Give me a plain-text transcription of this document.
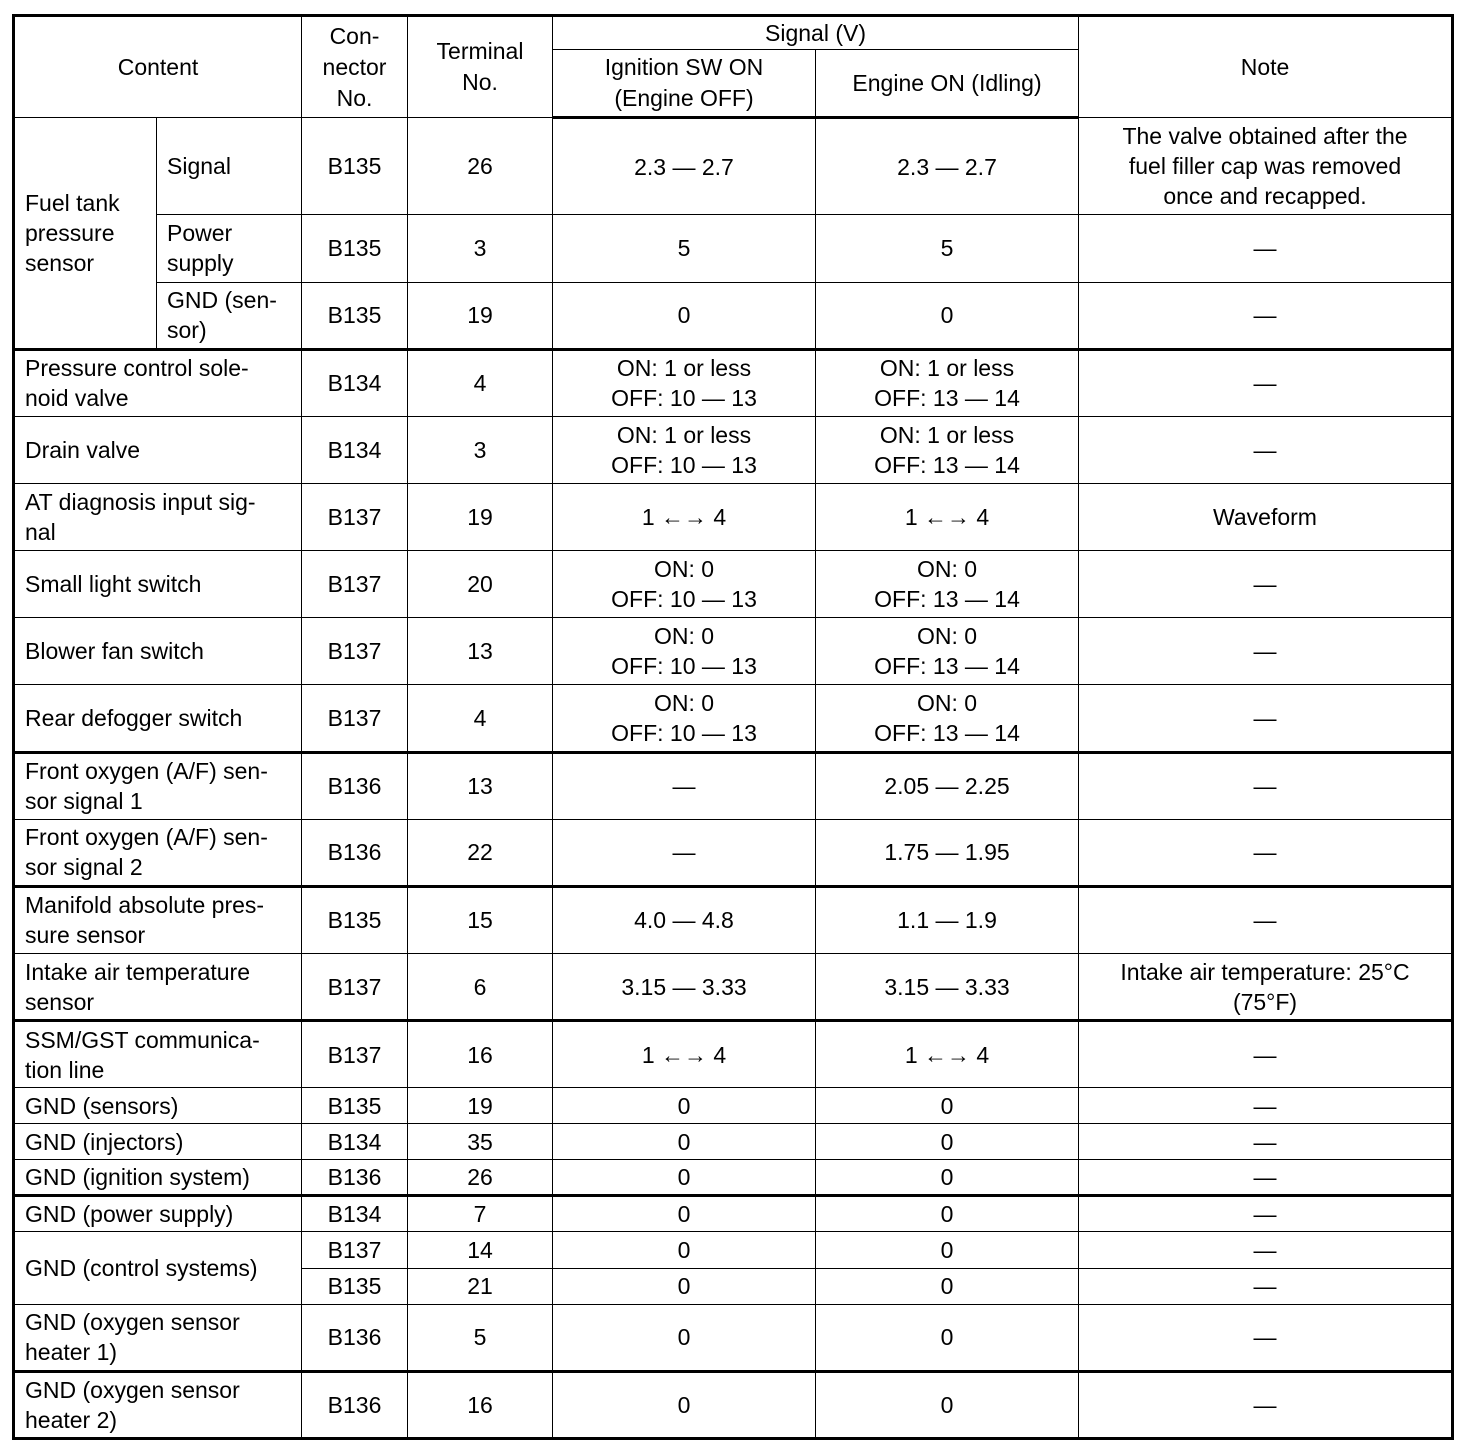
Content		Con-
nector
No.	Terminal
No.	Signal (V)		Note
				Ignition SW ON
(Engine OFF)	Engine ON (Idling)	
Fuel tank
pressure
sensor	Signal	B135	26	2.3 — 2.7	2.3 — 2.7	The valve obtained after the
fuel filler cap was removed
once and recapped.
	Power
supply	B135	3	5	5	—
	GND (sen-
sor)	B135	19	0	0	—
Pressure control sole-
noid valve		B134	4	ON: 1 or less
OFF: 10 — 13	ON: 1 or less
OFF: 13 — 14	—
Drain valve		B134	3	ON: 1 or less
OFF: 10 — 13	ON: 1 or less
OFF: 13 — 14	—
AT diagnosis input sig-
nal		B137	19	1 ←→ 4	1 ←→ 4	Waveform
Small light switch		B137	20	ON: 0
OFF: 10 — 13	ON: 0
OFF: 13 — 14	—
Blower fan switch		B137	13	ON: 0
OFF: 10 — 13	ON: 0
OFF: 13 — 14	—
Rear defogger switch		B137	4	ON: 0
OFF: 10 — 13	ON: 0
OFF: 13 — 14	—
Front oxygen (A/F) sen-
sor signal 1		B136	13	—	2.05 — 2.25	—
Front oxygen (A/F) sen-
sor signal 2		B136	22	—	1.75 — 1.95	—
Manifold absolute pres-
sure sensor		B135	15	4.0 — 4.8	1.1 — 1.9	—
Intake air temperature
sensor		B137	6	3.15 — 3.33	3.15 — 3.33	Intake air temperature: 25°C
(75°F)
SSM/GST communica-
tion line		B137	16	1 ←→ 4	1 ←→ 4	—
GND (sensors)		B135	19	0	0	—
GND (injectors)		B134	35	0	0	—
GND (ignition system)		B136	26	0	0	—
GND (power supply)		B134	7	0	0	—
GND (control systems)		B137	14	0	0	—
		B135	21	0	0	—
GND (oxygen sensor
heater 1)		B136	5	0	0	—
GND (oxygen sensor
heater 2)		B136	16	0	0	—
